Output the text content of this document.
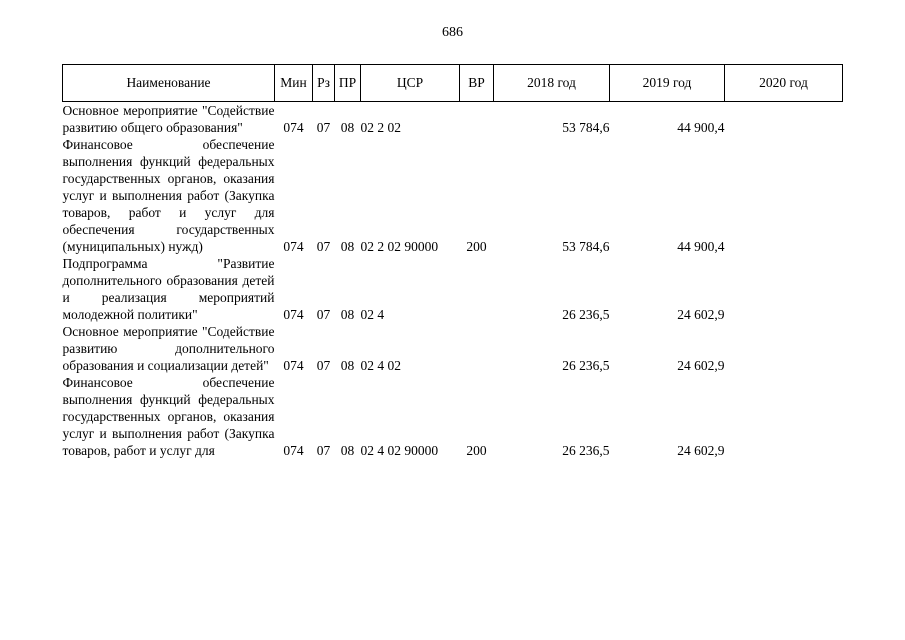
686
Наименование	Мин	Рз	ПР	ЦСР	ВР	2018 год	2019 год	2020 год
Основное мероприятие "Содействие развитию общего образования"	074	07	08	02 2 02		53 784,6	44 900,4	
Финансовое обеспечение выполнения функций федеральных государственных органов, оказания услуг и выполнения работ (Закупка товаров, работ и услуг для обеспечения государственных (муниципальных) нужд)	074	07	08	02 2 02 90000	200	53 784,6	44 900,4	
Подпрограмма "Развитие дополнительного образования детей и реализация мероприятий молодежной политики"	074	07	08	02 4		26 236,5	24 602,9	
Основное мероприятие "Содействие развитию дополнительного образования и социализации детей"	074	07	08	02 4 02		26 236,5	24 602,9	
Финансовое обеспечение выполнения функций федеральных государственных органов, оказания услуг и выполнения работ (Закупка товаров, работ и услуг для	074	07	08	02 4 02 90000	200	26 236,5	24 602,9	
